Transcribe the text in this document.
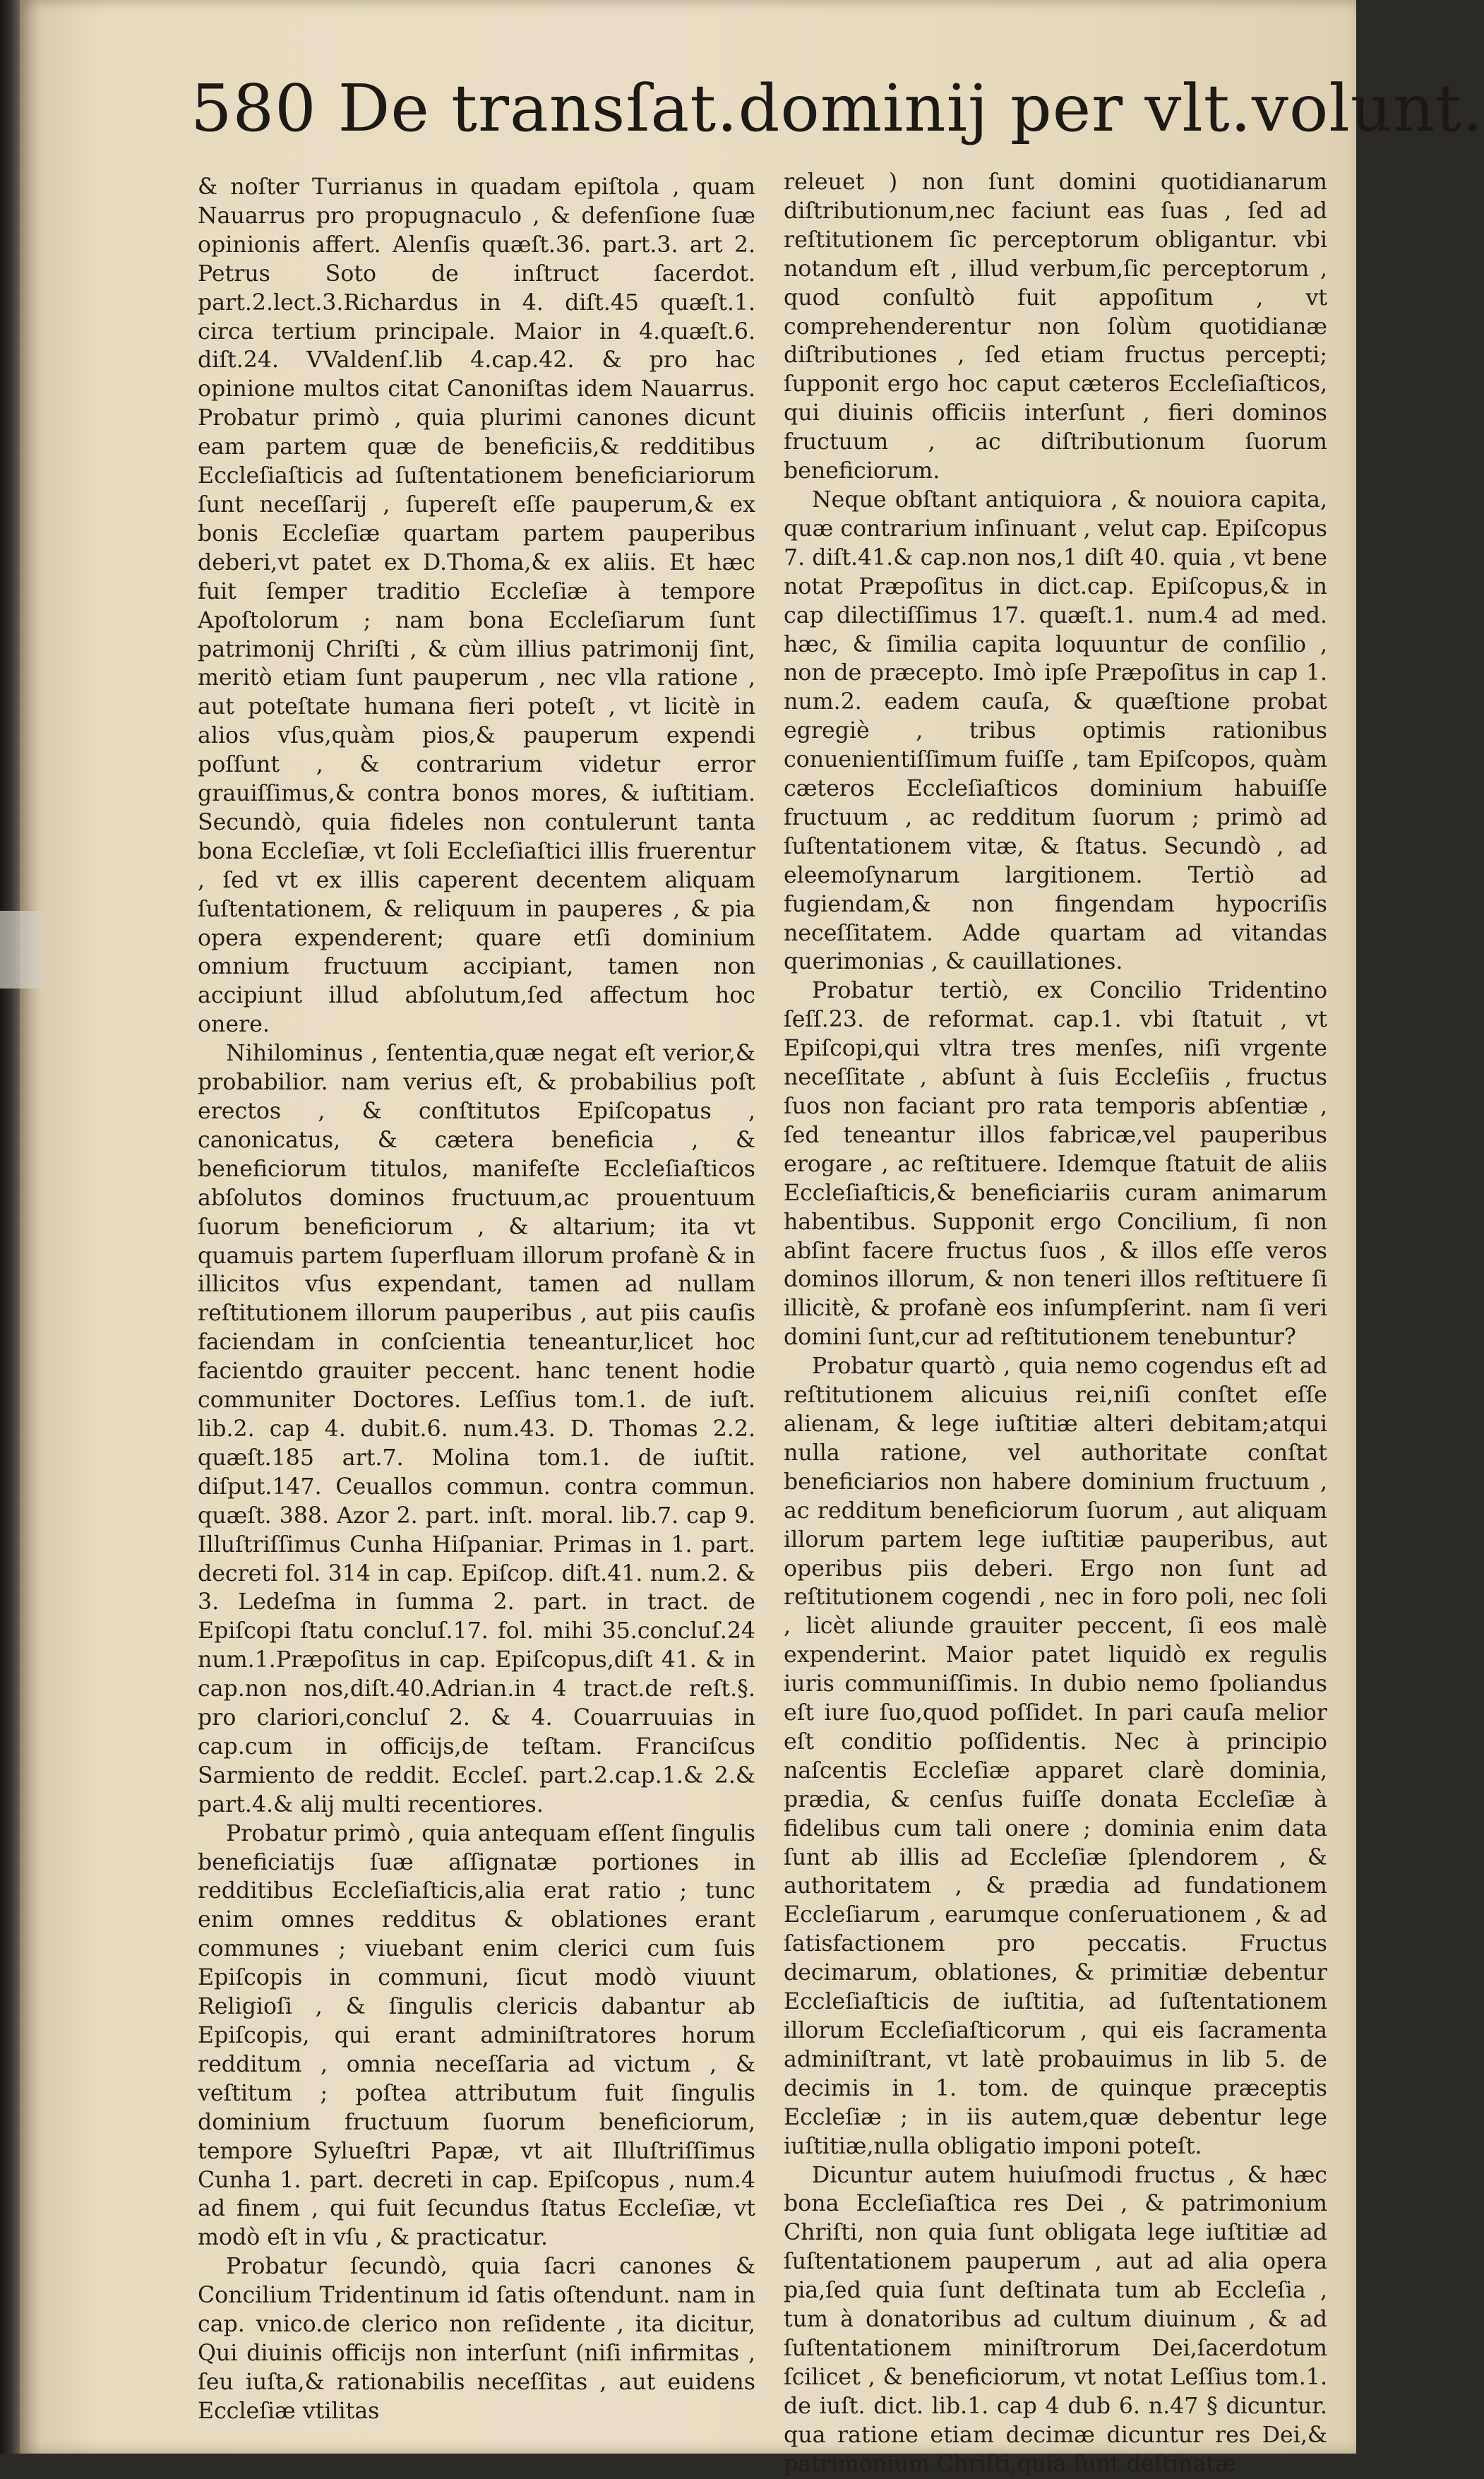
580 De transſat.dominij per vlt.volunt.

& noſter Turrianus in quadam epiſtola , quam Nauarrus pro propugnaculo , & defenſione ſuæ opinionis affert. Alenſis quæſt.36. part.3. art 2. Petrus Soto de inſtruct ſacerdot. part.2.lect.3.Richardus in 4. diſt.45 quæſt.1. circa tertium principale. Maior in 4.quæſt.6. diſt.24. VValdenſ.lib 4.cap.42. & pro hac opinione multos citat Canoniſtas idem Nauarrus. Probatur primò , quia plurimi canones dicunt eam partem quæ de beneficiis,& redditibus Eccleſiaſticis ad ſuſtentationem beneficiariorum ſunt neceſſarij , ſupereſt eſſe pauperum,& ex bonis Eccleſiæ quartam partem pauperibus deberi,vt patet ex D.Thoma,& ex aliis. Et hæc fuit ſemper traditio Eccleſiæ à tempore Apoſtolorum ; nam bona Eccleſiarum ſunt patrimonij Chriſti , & cùm illius patrimonij ſint, meritò etiam ſunt pauperum , nec vlla ratione , aut poteſtate humana fieri poteſt , vt licitè in alios vſus,quàm pios,& pauperum expendi poſſunt , & contrarium videtur error grauiſſimus,& contra bonos mores, & iuſtitiam. Secundò, quia fideles non contulerunt tanta bona Eccleſiæ, vt ſoli Eccleſiaſtici illis fruerentur , ſed vt ex illis caperent decentem aliquam ſuſtentationem, & reliquum in pauperes , & pia opera expenderent; quare etſi dominium omnium fructuum accipiant, tamen non accipiunt illud abſolutum,ſed affectum hoc onere.

Nihilominus , ſententia,quæ negat eſt verior,& probabilior. nam verius eſt, & probabilius poſt erectos , & conſtitutos Epiſcopatus , canonicatus, & cætera beneficia , & beneficiorum titulos, manifeſte Eccleſiaſticos abſolutos dominos fructuum,ac prouentuum ſuorum beneficiorum , & altarium; ita vt quamuis partem ſuperfluam illorum profanè & in illicitos vſus expendant, tamen ad nullam reſtitutionem illorum pauperibus , aut piis cauſis faciendam in conſcientia teneantur,licet hoc facientdo grauiter peccent. hanc tenent hodie communiter Doctores. Leſſius tom.1. de iuſt. lib.2. cap 4. dubit.6. num.43. D. Thomas 2.2. quæſt.185 art.7. Molina tom.1. de iuſtit. diſput.147. Ceuallos commun. contra commun. quæſt. 388. Azor 2. part. inſt. moral. lib.7. cap 9. Illuſtriſſimus Cunha Hiſpaniar. Primas in 1. part. decreti fol. 314 in cap. Epiſcop. diſt.41. num.2. & 3. Ledeſma in ſumma 2. part. in tract. de Epiſcopi ſtatu concluſ.17. fol. mihi 35.concluſ.24 num.1.Præpoſitus in cap. Epiſcopus,diſt 41. & in cap.non nos,diſt.40.Adrian.in 4 tract.de reſt.§. pro clariori,concluſ 2. & 4. Couarruuias in cap.cum in officijs,de teſtam. Franciſcus Sarmiento de reddit. Eccleſ. part.2.cap.1.& 2.& part.4.& alij multi recentiores.

Probatur primò , quia antequam eſſent ſingulis beneficiatijs ſuæ aſſignatæ portiones in redditibus Eccleſiaſticis,alia erat ratio ; tunc enim omnes redditus & oblationes erant communes ; viuebant enim clerici cum ſuis Epiſcopis in communi, ſicut modò viuunt Religioſi , & ſingulis clericis dabantur ab Epiſcopis, qui erant adminiſtratores horum redditum , omnia neceſſaria ad victum , & veſtitum ; poſtea attributum fuit ſingulis dominium fructuum ſuorum beneficiorum, tempore Sylueſtri Papæ, vt ait Illuſtriſſimus Cunha 1. part. decreti in cap. Epiſcopus , num.4 ad finem , qui fuit ſecundus ſtatus Eccleſiæ, vt modò eſt in vſu , & practicatur.

Probatur ſecundò, quia ſacri canones & Concilium Tridentinum id ſatis oſtendunt. nam in cap. vnico.de clerico non reſidente , ita dicitur, Qui diuinis officijs non interſunt (niſi infirmitas , ſeu iuſta,& rationabilis neceſſitas , aut euidens Eccleſiæ vtilitas

releuet ) non ſunt domini quotidianarum diſtributionum,nec faciunt eas ſuas , ſed ad reſtitutionem ſic perceptorum obligantur. vbi notandum eſt , illud verbum,ſic perceptorum , quod conſultò fuit appoſitum , vt comprehenderentur non ſolùm quotidianæ diſtributiones , ſed etiam fructus percepti; ſupponit ergo hoc caput cæteros Eccleſiaſticos, qui diuinis officiis interſunt , fieri dominos fructuum , ac diſtributionum ſuorum beneficiorum.

Neque obſtant antiquiora , & nouiora capita, quæ contrarium inſinuant , velut cap. Epiſcopus 7. diſt.41.& cap.non nos,1 diſt 40. quia , vt bene notat Præpoſitus in dict.cap. Epiſcopus,& in cap dilectiſſimus 17. quæſt.1. num.4 ad med. hæc, & ſimilia capita loquuntur de conſilio , non de præcepto. Imò ipſe Præpoſitus in cap 1. num.2. eadem cauſa, & quæſtione probat egregiè , tribus optimis rationibus conuenientiſſimum fuiſſe , tam Epiſcopos, quàm cæteros Eccleſiaſticos dominium habuiſſe fructuum , ac redditum ſuorum ; primò ad ſuſtentationem vitæ, & ſtatus. Secundò , ad eleemoſynarum largitionem. Tertiò ad fugiendam,& non fingendam hypocriſis neceſſitatem. Adde quartam ad vitandas querimonias , & cauillationes.

Probatur tertiò, ex Concilio Tridentino ſeſſ.23. de reformat. cap.1. vbi ſtatuit , vt Epiſcopi,qui vltra tres menſes, niſi vrgente neceſſitate , abſunt à ſuis Eccleſiis , fructus ſuos non faciant pro rata temporis abſentiæ , ſed teneantur illos fabricæ,vel pauperibus erogare , ac reſtituere. Idemque ſtatuit de aliis Eccleſiaſticis,& beneficiariis curam animarum habentibus. Supponit ergo Concilium, ſi non abſint facere fructus ſuos , & illos eſſe veros dominos illorum, & non teneri illos reſtituere ſi illicitè, & profanè eos inſumpſerint. nam ſi veri domini ſunt,cur ad reſtitutionem tenebuntur?

Probatur quartò , quia nemo cogendus eſt ad reſtitutionem alicuius rei,niſi conſtet eſſe alienam, & lege iuſtitiæ alteri debitam;atqui nulla ratione, vel authoritate conſtat beneficiarios non habere dominium fructuum , ac redditum beneficiorum ſuorum , aut aliquam illorum partem lege iuſtitiæ pauperibus, aut operibus piis deberi. Ergo non ſunt ad reſtitutionem cogendi , nec in foro poli, nec ſoli , licèt aliunde grauiter peccent, ſi eos malè expenderint. Maior patet liquidò ex regulis iuris communiſſimis. In dubio nemo ſpoliandus eſt iure ſuo,quod poſſidet. In pari cauſa melior eſt conditio poſſidentis. Nec à principio naſcentis Eccleſiæ apparet clarè dominia, prædia, & cenſus fuiſſe donata Eccleſiæ à fidelibus cum tali onere ; dominia enim data ſunt ab illis ad Eccleſiæ ſplendorem , & authoritatem , & prædia ad fundationem Eccleſiarum , earumque conſeruationem , & ad ſatisfactionem pro peccatis. Fructus decimarum, oblationes, & primitiæ debentur Eccleſiaſticis de iuſtitia, ad ſuſtentationem illorum Eccleſiaſticorum , qui eis ſacramenta adminiſtrant, vt latè probauimus in lib 5. de decimis in 1. tom. de quinque præceptis Eccleſiæ ; in iis autem,quæ debentur lege iuſtitiæ,nulla obligatio imponi poteſt.

Dicuntur autem huiuſmodi fructus , & hæc bona Eccleſiaſtica res Dei , & patrimonium Chriſti, non quia ſunt obligata lege iuſtitiæ ad ſuſtentationem pauperum , aut ad alia opera pia,ſed quia ſunt deſtinata tum ab Eccleſia , tum à donatoribus ad cultum diuinum , & ad ſuſtentationem miniſtrorum Dei,ſacerdotum ſcilicet , & beneficiorum, vt notat Leſſius tom.1. de iuſt. dict. lib.1. cap 4 dub 6. n.47 § dicuntur. qua ratione etiam decimæ dicuntur res Dei,& patrimonium Chriſti,quia ſunt deſtinatæ
